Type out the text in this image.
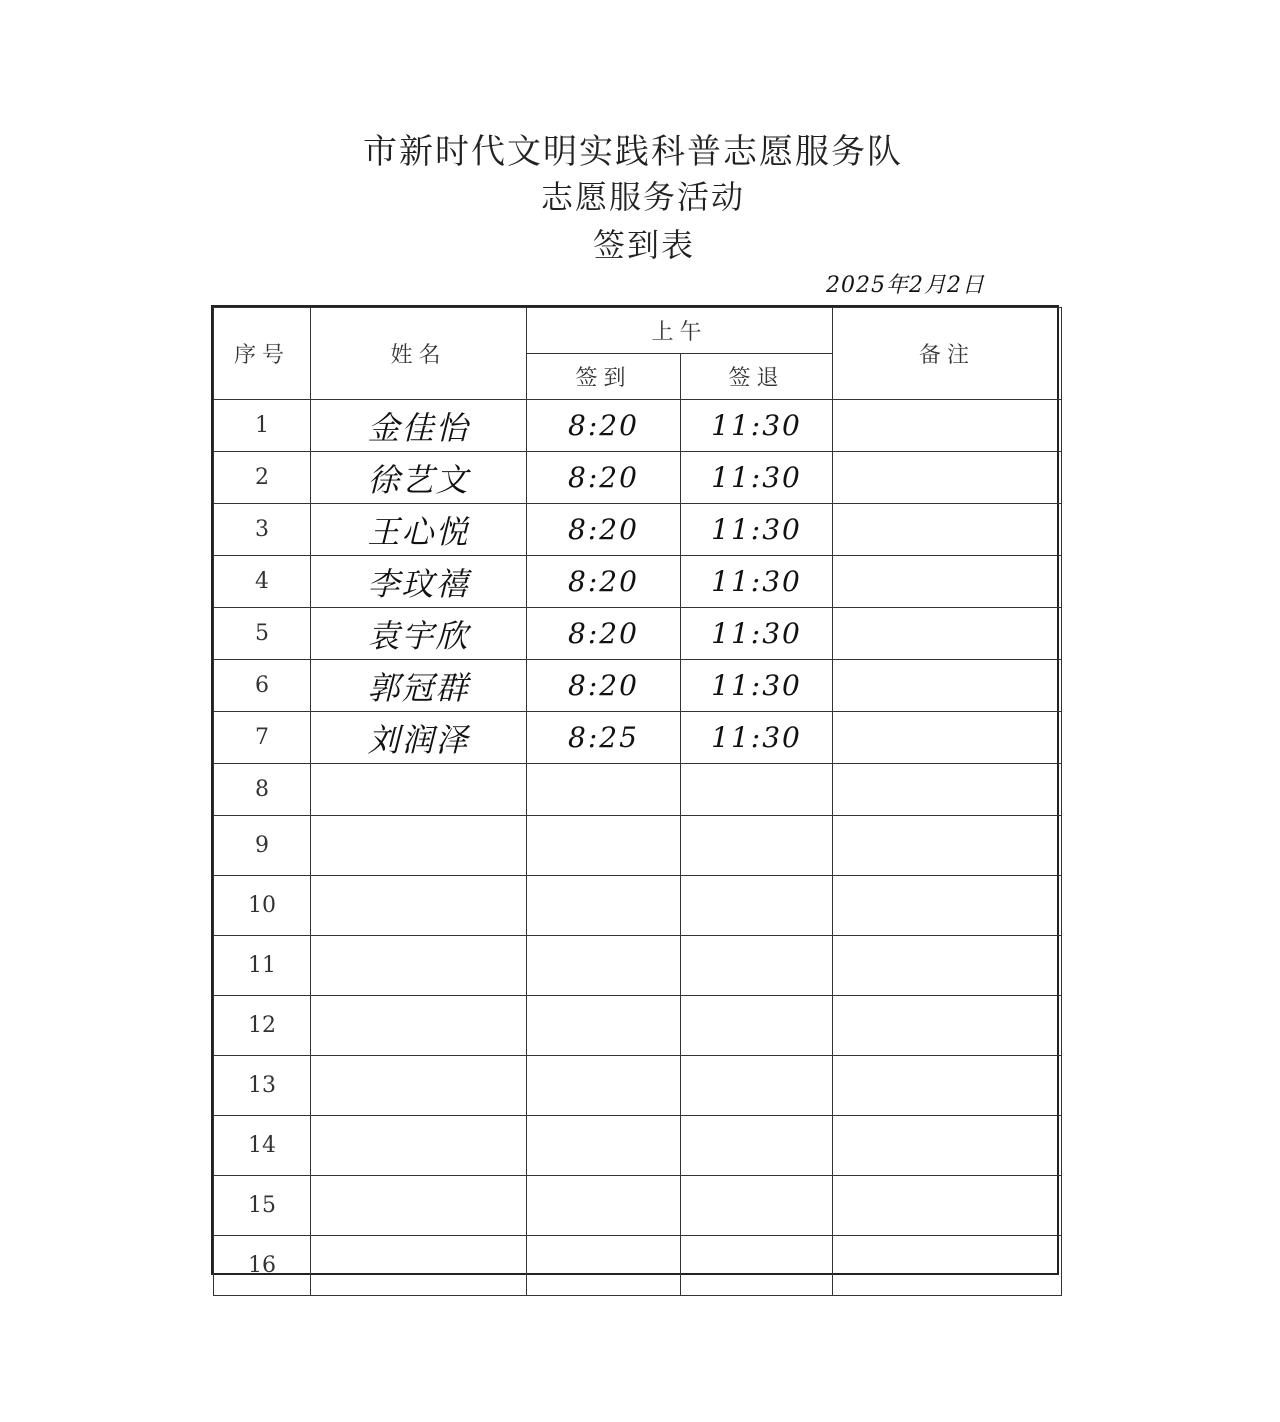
市新时代文明实践科普志愿服务队
志愿服务活动
签到表
2025年2月2日
序号	姓名	上午		备注
		签到	签退	
1	金佳怡	8:20	11:30	
2	徐艺文	8:20	11:30	
3	王心悦	8:20	11:30	
4	李玟禧	8:20	11:30	
5	袁宇欣	8:20	11:30	
6	郭冠群	8:20	11:30	
7	刘润泽	8:25	11:30	
8				
9				
10				
11				
12				
13				
14				
15				
16				
